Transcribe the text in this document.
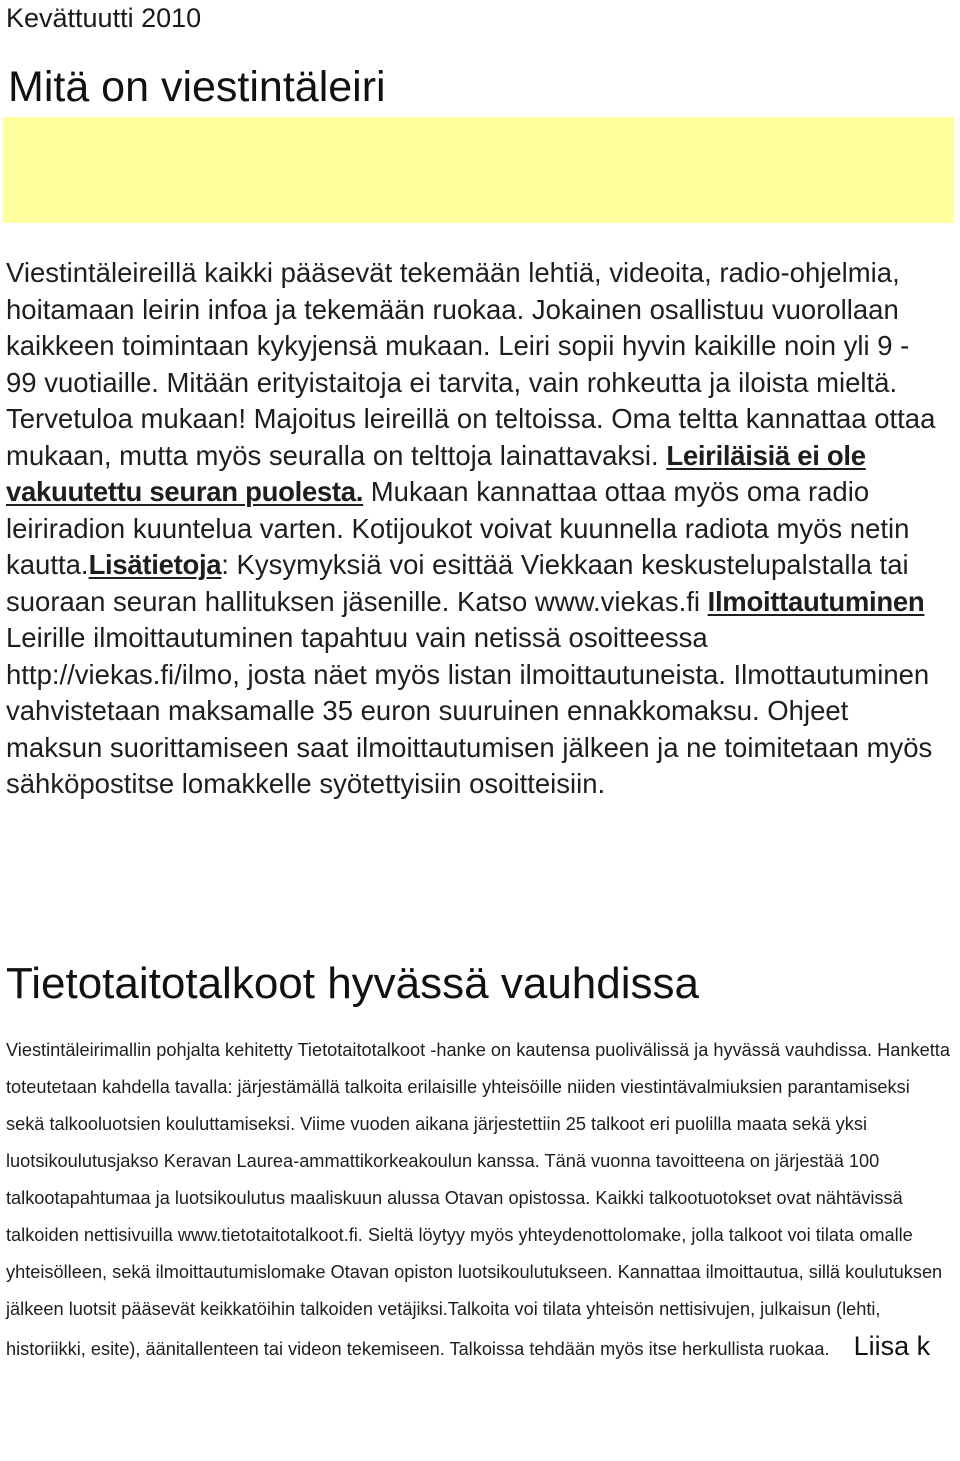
Kevättuutti 2010
Mitä on viestintäleiri

Viestintäleireillä kaikki pääsevät tekemään lehtiä, videoita, radio-ohjelmia, hoitamaan leirin infoa ja tekemään ruokaa. Jokainen osallistuu vuorollaan kaikkeen toimintaan kykyjensä mukaan. Leiri sopii hyvin kaikille noin yli 9 - 99 vuotiaille. Mitään erityistaitoja ei tarvita, vain rohkeutta ja iloista mieltä. Tervetuloa mukaan! Majoitus leireillä on teltoissa. Oma teltta kannattaa ottaa mukaan, mutta myös seuralla on telttoja lainattavaksi. Leiriläisiä ei ole vakuutettu seuran puolesta. Mukaan kannattaa ottaa myös oma radio leiriradion kuuntelua varten. Kotijoukot voivat kuunnella radiota myös netin kautta.Lisätietoja: Kysymyksiä voi esittää Viekkaan keskustelupalstalla tai suoraan seuran hallituksen jäsenille. Katso www.viekas.fi Ilmoittautuminen Leirille ilmoittautuminen tapahtuu vain netissä osoitteessa http://viekas.fi/ilmo, josta näet myös listan ilmoittautuneista. Ilmottautuminen vahvistetaan maksamalle 35 euron suuruinen ennakkomaksu. Ohjeet maksun suorittamiseen saat ilmoittautumisen jälkeen ja ne toimitetaan myös sähköpostitse lomakkelle syötettyisiin osoitteisiin.

Tietotaitotalkoot hyvässä vauhdissa

Viestintäleirimallin pohjalta kehitetty Tietotaitotalkoot -hanke on kautensa puolivälissä ja hyvässä vauhdissa. Hanketta toteutetaan kahdella tavalla: järjestämällä talkoita erilaisille yhteisöille niiden viestintävalmiuksien parantamiseksi sekä talkooluotsien kouluttamiseksi. Viime vuoden aikana järjestettiin 25 talkoot eri puolilla maata sekä yksi luotsikoulutusjakso Keravan Laurea-ammattikorkeakoulun kanssa. Tänä vuonna tavoitteena on järjestää 100 talkootapahtumaa ja luotsikoulutus maaliskuun alussa Otavan opistossa. Kaikki talkootuotokset ovat nähtävissä talkoiden nettisivuilla www.tietotaitotalkoot.fi. Sieltä löytyy myös yhteydenottolomake, jolla talkoot voi tilata omalle yhteisölleen, sekä ilmoittautumislomake Otavan opiston luotsikoulutukseen. Kannattaa ilmoittautua, sillä koulutuksen jälkeen luotsit pääsevät keikkatöihin talkoiden vetäjiksi.Talkoita voi tilata yhteisön nettisivujen, julkaisun (lehti, historiikki, esite), äänitallenteen tai videon tekemiseen. Talkoissa tehdään myös itse herkullista ruokaa. Liisa k
